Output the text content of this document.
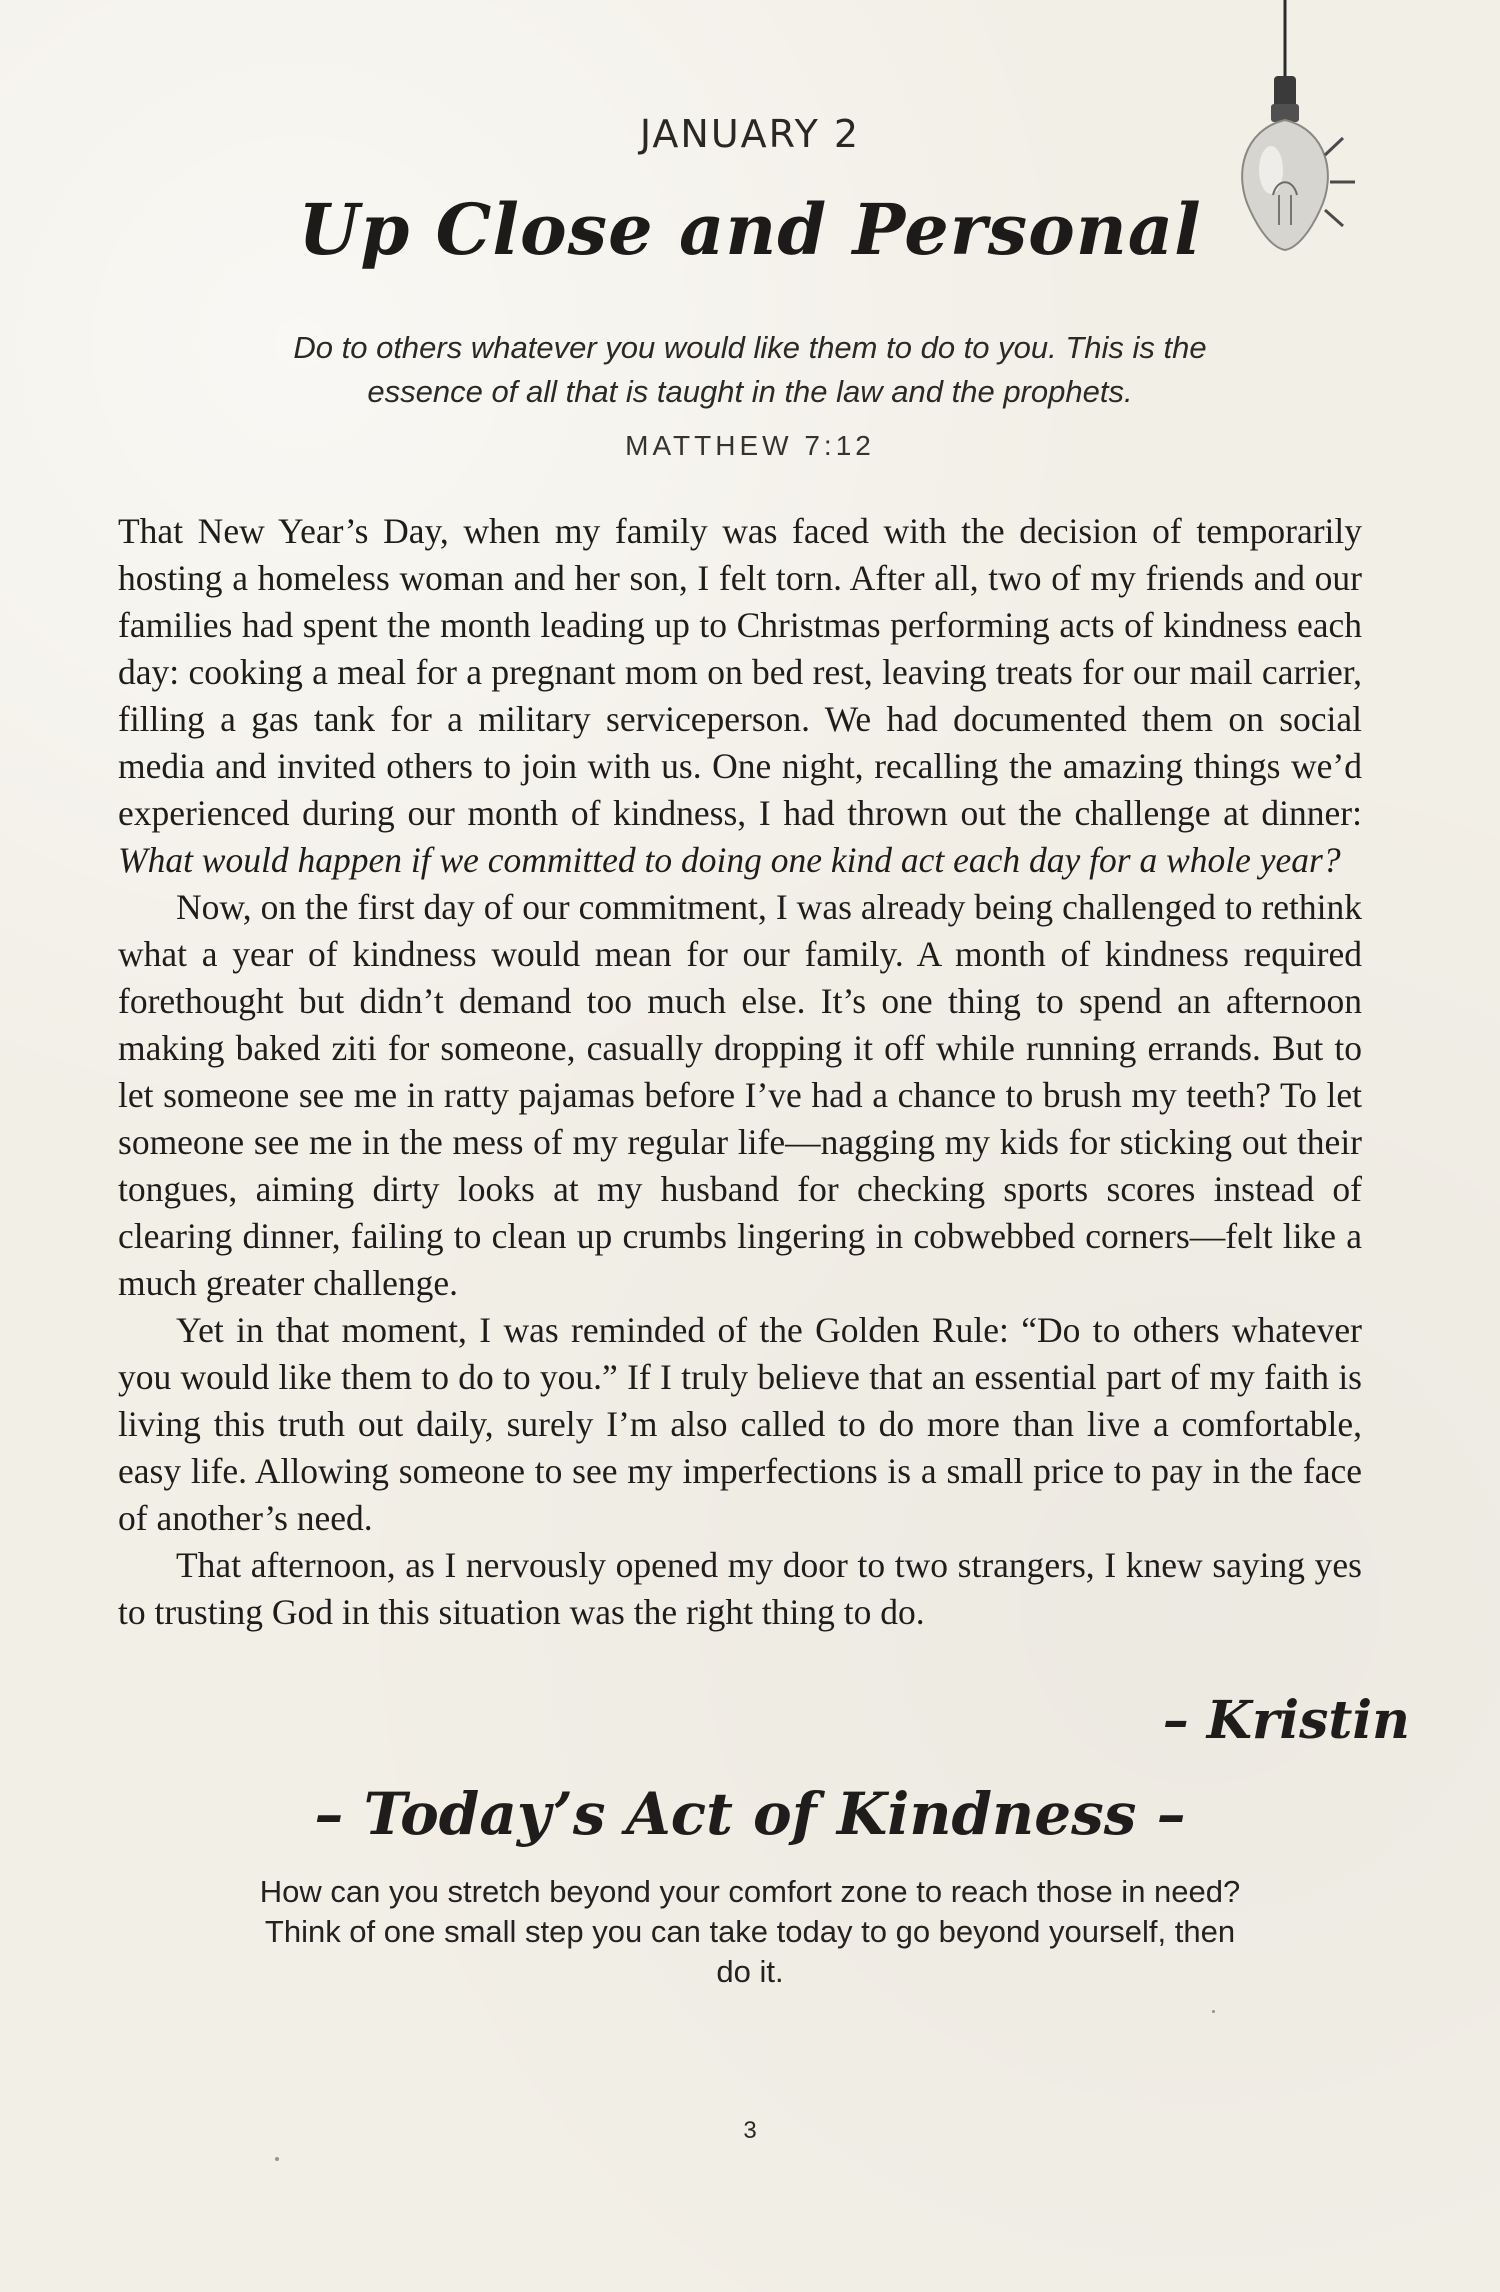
JANUARY 2
Up Close and Personal
Do to others whatever you would like them to do to you. This is the essence of all that is taught in the law and the prophets.
MATTHEW 7:12

That New Year’s Day, when my family was faced with the decision of temporarily hosting a homeless woman and her son, I felt torn. After all, two of my friends and our families had spent the month leading up to Christmas performing acts of kindness each day: cooking a meal for a pregnant mom on bed rest, leaving treats for our mail carrier, filling a gas tank for a military serviceperson. We had documented them on social media and invited others to join with us. One night, recalling the amazing things we’d experienced during our month of kindness, I had thrown out the challenge at dinner: What would happen if we committed to doing one kind act each day for a whole year?

Now, on the first day of our commitment, I was already being challenged to rethink what a year of kindness would mean for our family. A month of kindness required forethought but didn’t demand too much else. It’s one thing to spend an afternoon making baked ziti for someone, casually dropping it off while running errands. But to let someone see me in ratty pajamas before I’ve had a chance to brush my teeth? To let someone see me in the mess of my regular life—nagging my kids for sticking out their tongues, aiming dirty looks at my husband for checking sports scores instead of clearing dinner, failing to clean up crumbs lingering in cobwebbed corners—felt like a much greater challenge.

Yet in that moment, I was reminded of the Golden Rule: “Do to others whatever you would like them to do to you.” If I truly believe that an essential part of my faith is living this truth out daily, surely I’m also called to do more than live a comfortable, easy life. Allowing someone to see my imperfections is a small price to pay in the face of another’s need.

That afternoon, as I nervously opened my door to two strangers, I knew saying yes to trusting God in this situation was the right thing to do.

– Kristin
– Today’s Act of Kindness –
How can you stretch beyond your comfort zone to reach those in need? Think of one small step you can take today to go beyond yourself, then do it.
3
